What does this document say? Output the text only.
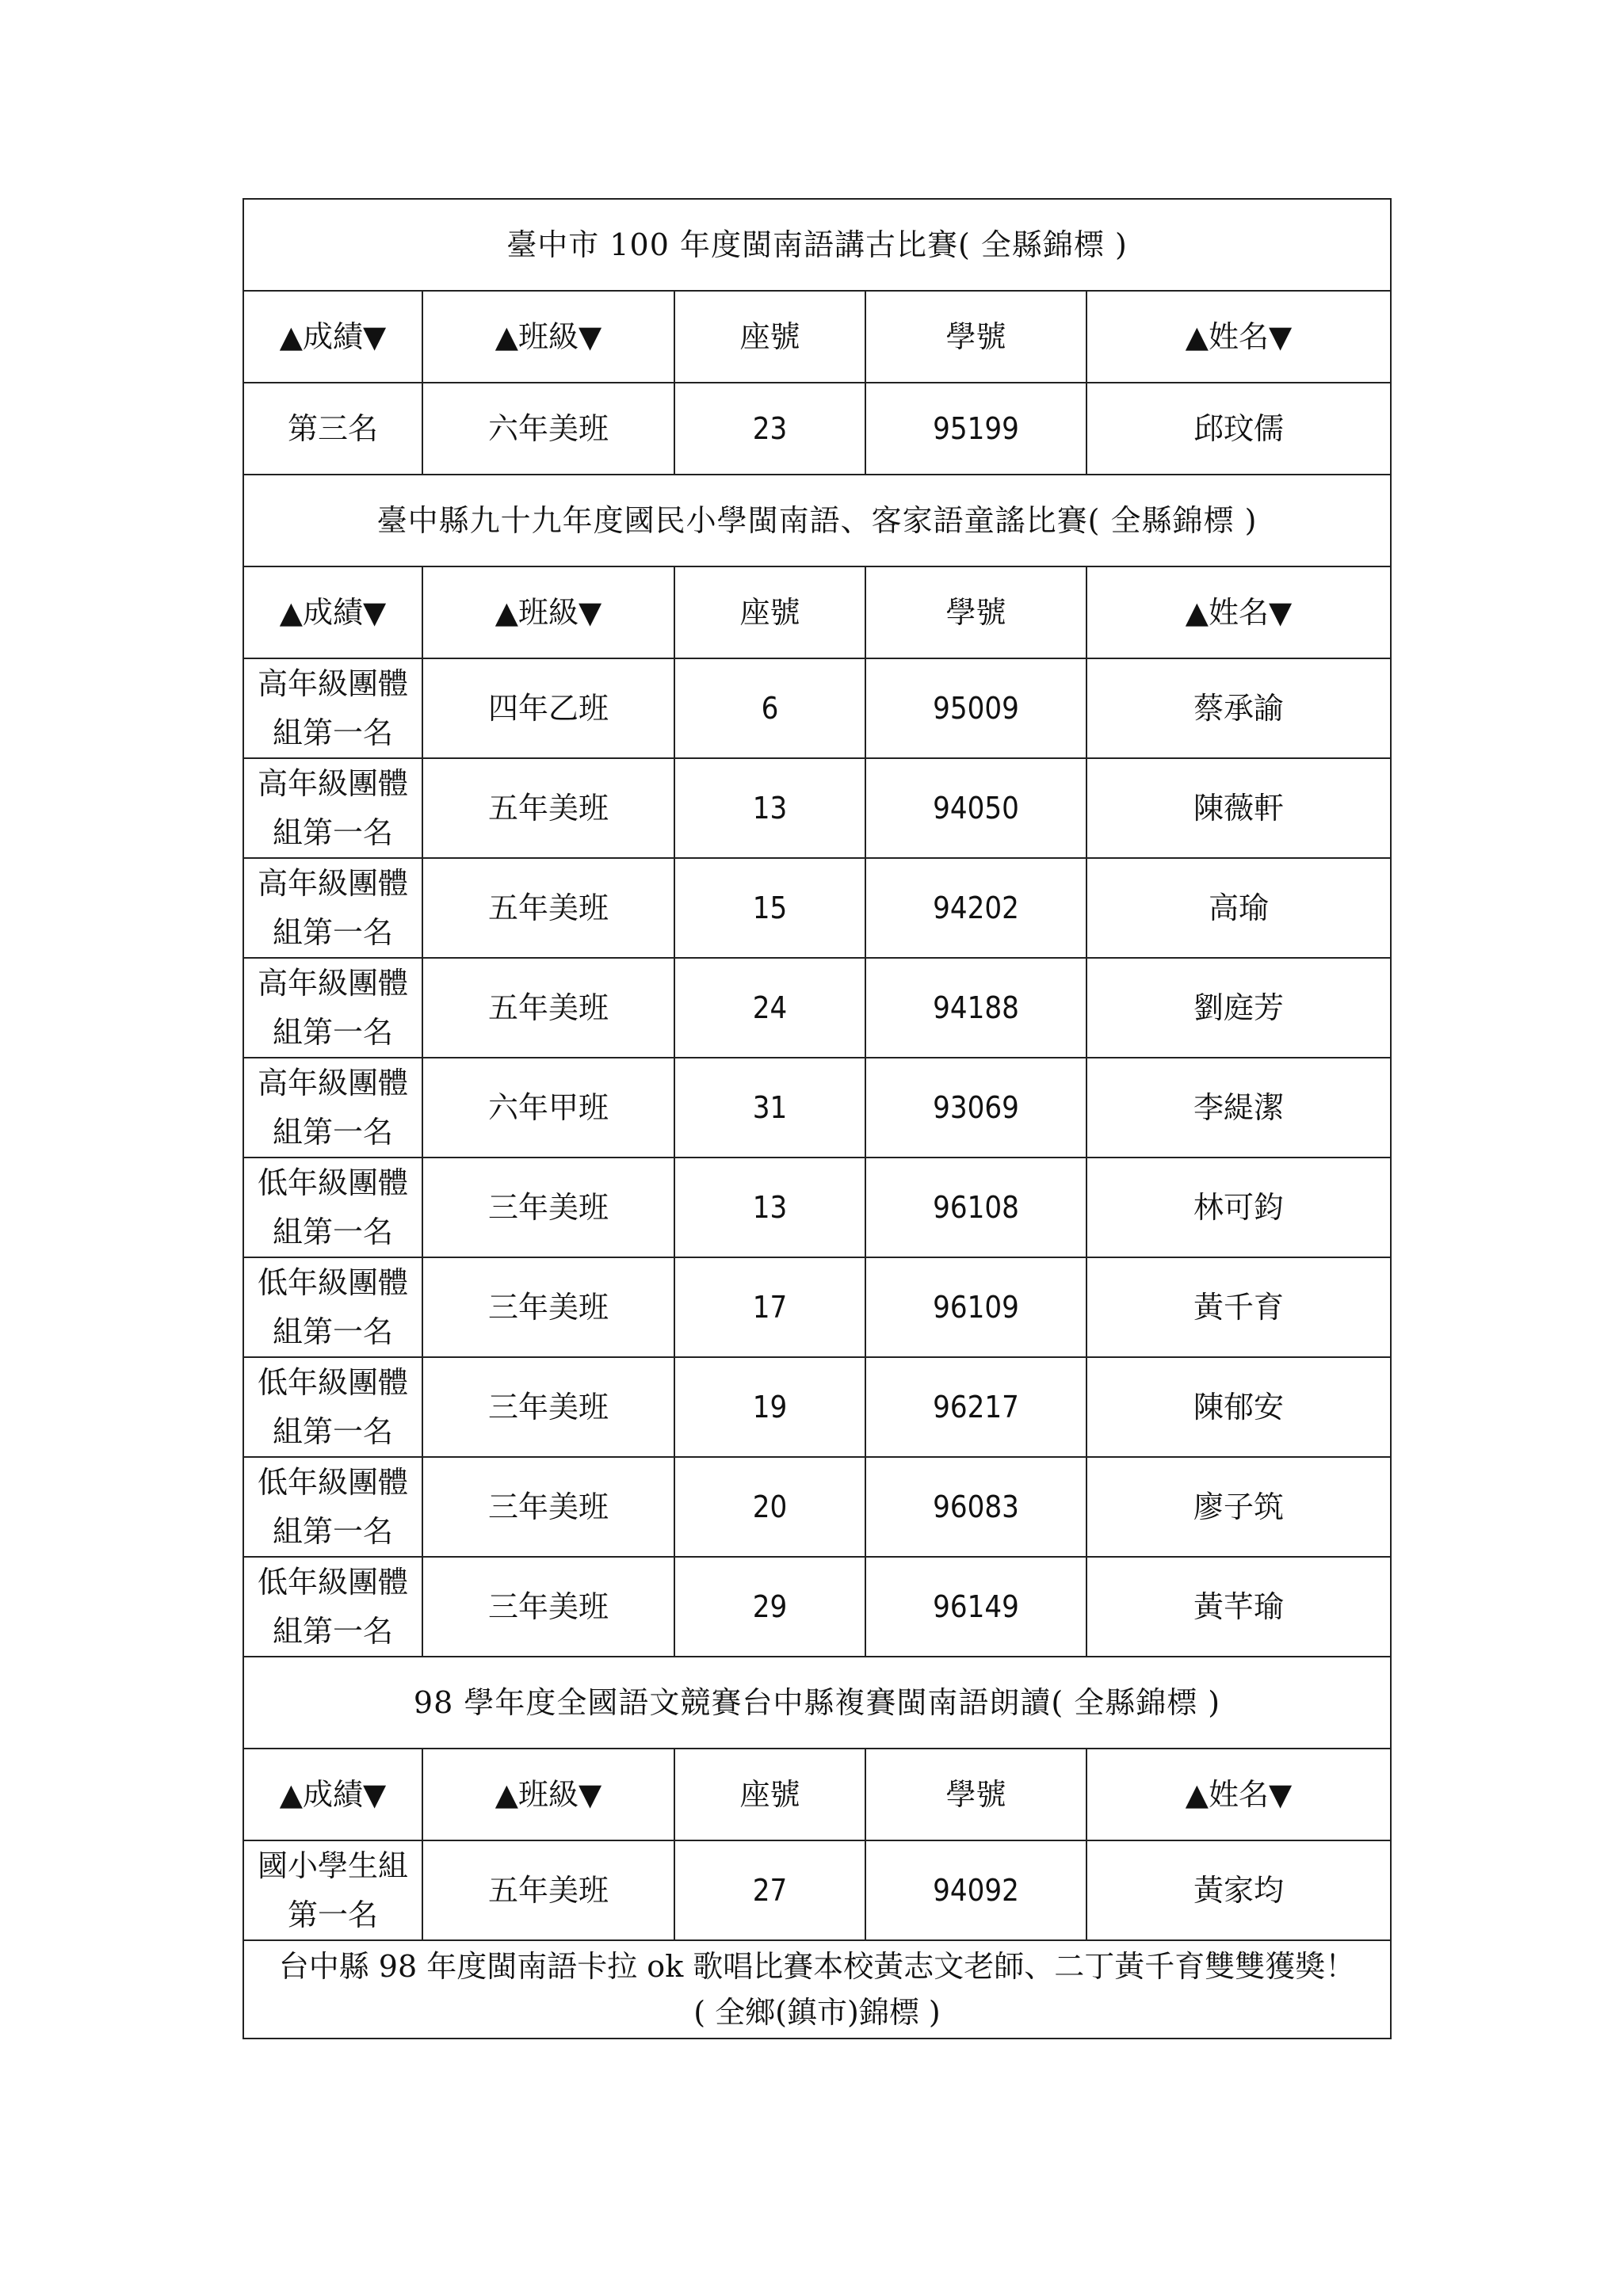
臺中市 100 年度閩南語講古比賽( 全縣錦標 )				
▲成績▼	▲班級▼	座號	學號	▲姓名▼
第三名	六年美班	23	95199	邱玟儒
臺中縣九十九年度國民小學閩南語、客家語童謠比賽( 全縣錦標 )				
▲成績▼	▲班級▼	座號	學號	▲姓名▼
高年級團體組第一名	四年乙班	6	95009	蔡承諭
高年級團體組第一名	五年美班	13	94050	陳薇軒
高年級團體組第一名	五年美班	15	94202	高瑜
高年級團體組第一名	五年美班	24	94188	劉庭芳
高年級團體組第一名	六年甲班	31	93069	李緹潔
低年級團體組第一名	三年美班	13	96108	林可鈞
低年級團體組第一名	三年美班	17	96109	黃千育
低年級團體組第一名	三年美班	19	96217	陳郁安
低年級團體組第一名	三年美班	20	96083	廖子筑
低年級團體組第一名	三年美班	29	96149	黃芊瑜
98 學年度全國語文競賽台中縣複賽閩南語朗讀( 全縣錦標 )				
▲成績▼	▲班級▼	座號	學號	▲姓名▼
國小學生組第一名	五年美班	27	94092	黃家均

台中縣 98 年度閩南語卡拉 ok 歌唱比賽本校黃志文老師、二丁黃千育雙雙獲獎！
( 全鄉(鎮市)錦標 )				
